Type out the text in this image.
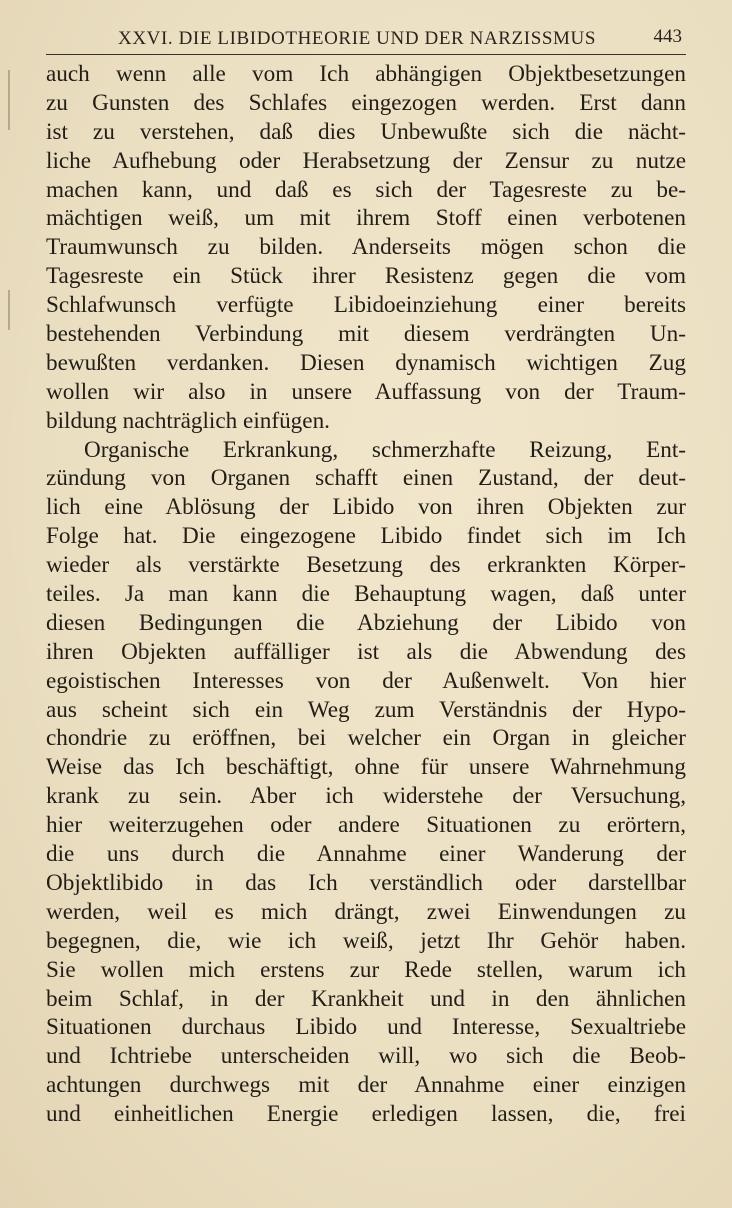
XXVI. DIE LIBIDOTHEORIE UND DER NARZISSMUS	443
auch wenn alle vom Ich abhängigen Objektbesetzungen
zu Gunsten des Schlafes eingezogen werden. Erst dann
ist zu verstehen, daß dies Unbewußte sich die nächt-
liche Aufhebung oder Herabsetzung der Zensur zu nutze
machen kann, und daß es sich der Tagesreste zu be-
mächtigen weiß, um mit ihrem Stoff einen verbotenen
Traumwunsch zu bilden. Anderseits mögen schon die
Tagesreste ein Stück ihrer Resistenz gegen die vom
Schlafwunsch verfügte Libidoeinziehung einer bereits
bestehenden Verbindung mit diesem verdrängten Un-
bewußten verdanken. Diesen dynamisch wichtigen Zug
wollen wir also in unsere Auffassung von der Traum-
bildung nachträglich einfügen.
Organische Erkrankung, schmerzhafte Reizung, Ent-
zündung von Organen schafft einen Zustand, der deut-
lich eine Ablösung der Libido von ihren Objekten zur
Folge hat. Die eingezogene Libido findet sich im Ich
wieder als verstärkte Besetzung des erkrankten Körper-
teiles. Ja man kann die Behauptung wagen, daß unter
diesen Bedingungen die Abziehung der Libido von
ihren Objekten auffälliger ist als die Abwendung des
egoistischen Interesses von der Außenwelt. Von hier
aus scheint sich ein Weg zum Verständnis der Hypo-
chondrie zu eröffnen, bei welcher ein Organ in gleicher
Weise das Ich beschäftigt, ohne für unsere Wahrnehmung
krank zu sein. Aber ich widerstehe der Versuchung,
hier weiterzugehen oder andere Situationen zu erörtern,
die uns durch die Annahme einer Wanderung der
Objektlibido in das Ich verständlich oder darstellbar
werden, weil es mich drängt, zwei Einwendungen zu
begegnen, die, wie ich weiß, jetzt Ihr Gehör haben.
Sie wollen mich erstens zur Rede stellen, warum ich
beim Schlaf, in der Krankheit und in den ähnlichen
Situationen durchaus Libido und Interesse, Sexualtriebe
und Ichtriebe unterscheiden will, wo sich die Beob-
achtungen durchwegs mit der Annahme einer einzigen
und einheitlichen Energie erledigen lassen, die, frei
